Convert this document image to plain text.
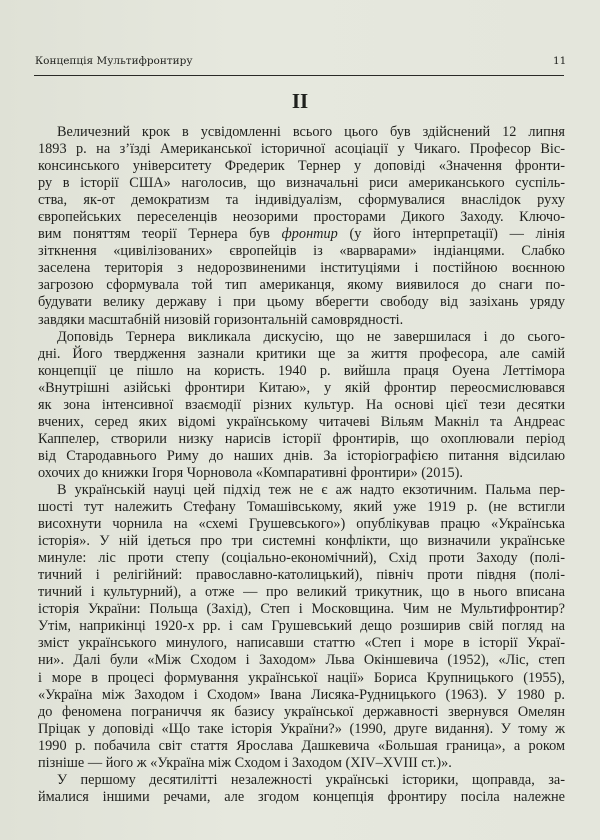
Концепція Мультифронтиру	11
II
Величезний крок в усвідомленні всього цього був здійснений 12 липня
1893 р. на з’їзді Американської історичної асоціації у Чикаго. Професор Віс-
консинського університету Фредерик Тернер у доповіді «Значення фронти-
ру в історії США» наголосив, що визначальні риси американського суспіль-
ства, як-от демократизм та індивідуалізм, сформувалися внаслідок руху
європейських переселенців неозорими просторами Дикого Заходу. Ключо-
вим поняттям теорії Тернера був фронтир (у його інтерпретації) — лінія
зіткнення «цивілізованих» європейців із «варварами» індіанцями. Слабко
заселена територія з недорозвиненими інституціями і постійною воєнною
загрозою сформувала той тип американця, якому виявилося до снаги по-
будувати велику державу і при цьому вберегти свободу від зазіхань уряду
завдяки масштабній низовій горизонтальній самоврядності.
Доповідь Тернера викликала дискусію, що не завершилася і до сього-
дні. Його твердження зазнали критики ще за життя професора, але самій
концепції це пішло на користь. 1940 р. вийшла праця Оуена Леттімора
«Внутрішні азійські фронтири Китаю», у якій фронтир переосмислювався
як зона інтенсивної взаємодії різних культур. На основі цієї тези десятки
вчених, серед яких відомі українському читачеві Вільям Макніл та Андреас
Каппелер, створили низку нарисів історії фронтирів, що охоплювали період
від Стародавнього Риму до наших днів. За історіографією питання відсилаю
охочих до книжки Ігоря Чорновола «Компаративні фронтири» (2015).
В українській науці цей підхід теж не є аж надто екзотичним. Пальма пер-
шості тут належить Стефану Томашівському, який уже 1919 р. (не встигли
висохнути чорнила на «схемі Грушевського») опублікував працю «Українська
історія». У ній ідеться про три системні конфлікти, що визначили українське
минуле: ліс проти степу (соціально-економічний), Схід проти Заходу (полі-
тичний і релігійний: православно-католицький), північ проти півдня (полі-
тичний і культурний), а отже — про великий трикутник, що в нього вписана
історія України: Польща (Захід), Степ і Московщина. Чим не Мультифронтир?
Утім, наприкінці 1920-х рр. і сам Грушевський дещо розширив свій погляд на
зміст українського минулого, написавши статтю «Степ і море в історії Украї-
ни». Далі були «Між Сходом і Заходом» Льва Окіншевича (1952), «Ліс, степ
і море в процесі формування української нації» Бориса Крупницького (1955),
«Україна між Заходом і Сходом» Івана Лисяка-Рудницького (1963). У 1980 р.
до феномена пограниччя як базису української державності звернувся Омелян
Пріцак у доповіді «Що таке історія України?» (1990, друге видання). У тому ж
1990 р. побачила світ стаття Ярослава Дашкевича «Большая граница», а роком
пізніше — його ж «Україна між Сходом і Заходом (XIV–XVIII ст.)».
У першому десятилітті незалежності українські історики, щоправда, за-
ймалися іншими речами, але згодом концепція фронтиру посіла належне
